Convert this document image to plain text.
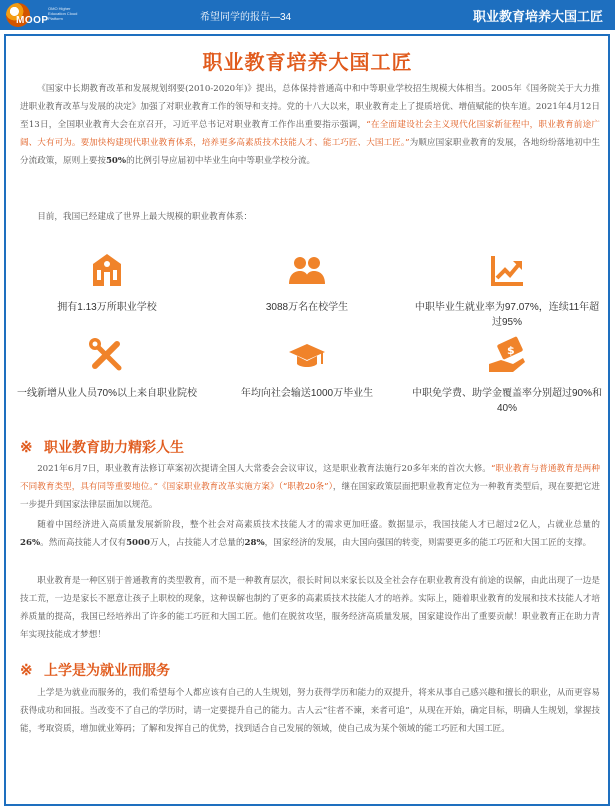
MOOP
OMO Higher Education Cloud Platform	希望同学的报告—34	职业教育培养大国工匠
职业教育培养大国工匠

《国家中长期教育改革和发展规划纲要(2010-2020年)》提出，总体保持普通高中和中等职业学校招生规模大体相当。2005年《国务院关于大力推进职业教育改革与发展的决定》加强了对职业教育工作的领导和支持。党的十八大以来，职业教育走上了提质培优、增值赋能的快车道。2021年4月12日至13日，全国职业教育大会在京召开，习近平总书记对职业教育工作作出重要指示强调，“在全面建设社会主义现代化国家新征程中，职业教育前途广阔、大有可为。要加快构建现代职业教育体系，培养更多高素质技术技能人才、能工巧匠、大国工匠。”为顺应国家职业教育的发展，各地纷纷落地初中生分流政策，原则上要按50%的比例引导应届初中毕业生向中等职业学校分流。

目前，我国已经建成了世界上最大规模的职业教育体系：

拥有1.13万所职业学校	3088万名在校学生	中职毕业生就业率为97.07%，连续11年超过95%
一线新增从业人员70%以上来自职业院校	年均向社会输送1000万毕业生
$
中职免学费、助学金覆盖率分别超过90%和40%
※ 职业教育助力精彩人生

2021年6月7日，职业教育法修订草案初次提请全国人大常委会会议审议，这是职业教育法施行20多年来的首次大修。“职业教育与普通教育是两种不同教育类型，具有同等重要地位。”《国家职业教育改革实施方案》（“职教20条”），继在国家政策层面把职业教育定位为一种教育类型后，现在要把它进一步提升到国家法律层面加以规范。

随着中国经济进入高质量发展新阶段，整个社会对高素质技术技能人才的需求更加旺盛。数据显示，我国技能人才已超过2亿人，占就业总量的26%。然而高技能人才仅有5000万人，占技能人才总量的28%，国家经济的发展，由大国向强国的转变，则需要更多的能工巧匠和大国工匠的支撑。

职业教育是一种区别于普通教育的类型教育，而不是一种教育层次，很长时间以来家长以及全社会存在职业教育没有前途的误解，由此出现了一边是技工荒，一边是家长不愿意让孩子上职校的现象，这种误解也制约了更多的高素质技术技能人才的培养。实际上，随着职业教育的发展和技术技能人才培养质量的提高，我国已经培养出了许多的能工巧匠和大国工匠。他们在脱贫攻坚，服务经济高质量发展，国家建设作出了重要贡献！职业教育正在助力青年实现技能成才梦想！

※ 上学是为就业而服务

上学是为就业而服务的，我们希望每个人都应该有自己的人生规划，努力获得学历和能力的双提升，将来从事自己感兴趣和擅长的职业，从而更容易获得成功和回报。当改变不了自己的学历时，请一定要提升自己的能力。古人云“往者不谏，来者可追”，从现在开始，确定目标，明确人生规划，掌握技能，考取资质，增加就业筹码；了解和发挥自己的优势，找到适合自己发展的领域，使自己成为某个领域的能工巧匠和大国工匠。
